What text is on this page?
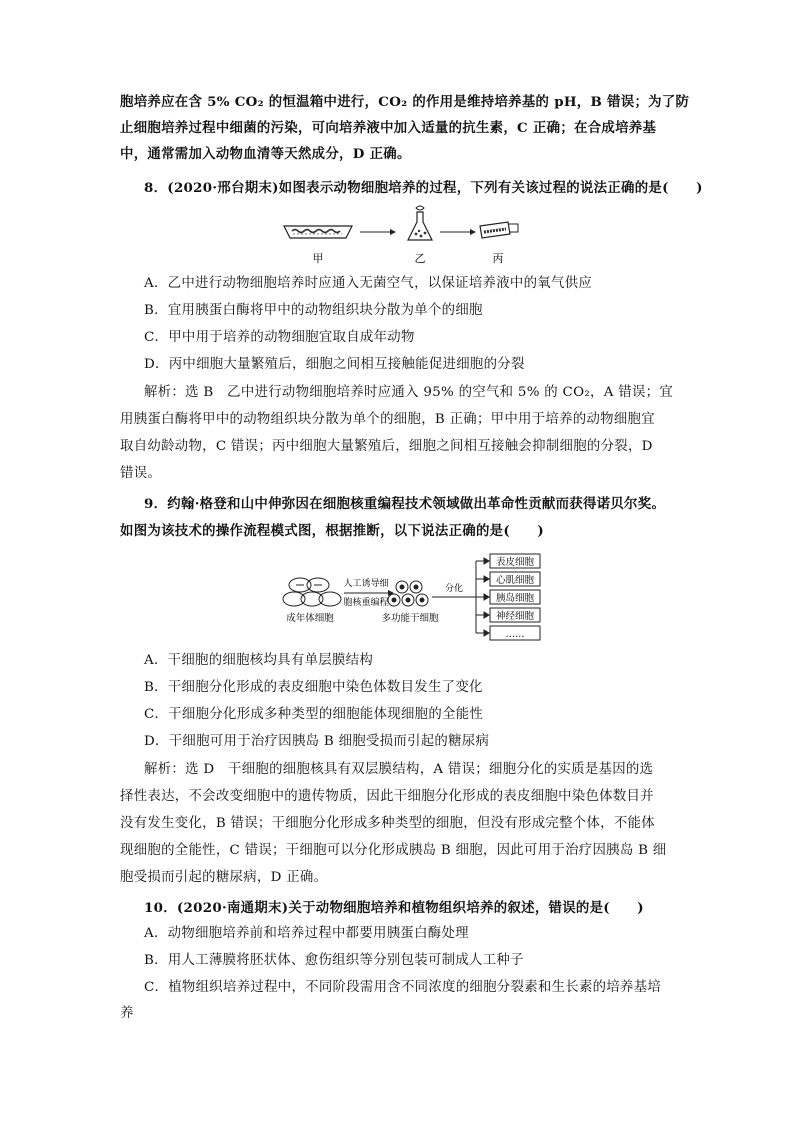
胞培养应在含 5% CO₂ 的恒温箱中进行，CO₂ 的作用是维持培养基的 pH，B 错误；为了防
止细胞培养过程中细菌的污染，可向培养液中加入适量的抗生素，C 正确；在合成培养基
中，通常需加入动物血清等天然成分，D 正确。
8．(2020·邢台期末)如图表示动物细胞培养的过程，下列有关该过程的说法正确的是(　　)
甲	乙	丙
A．乙中进行动物细胞培养时应通入无菌空气，以保证培养液中的氧气供应
B．宜用胰蛋白酶将甲中的动物组织块分散为单个的细胞
C．甲中用于培养的动物细胞宜取自成年动物
D．丙中细胞大量繁殖后，细胞之间相互接触能促进细胞的分裂
解析：选 B　乙中进行动物细胞培养时应通入 95% 的空气和 5% 的 CO₂，A 错误；宜
用胰蛋白酶将甲中的动物组织块分散为单个的细胞，B 正确；甲中用于培养的动物细胞宜
取自幼龄动物，C 错误；丙中细胞大量繁殖后，细胞之间相互接触会抑制细胞的分裂，D
错误。
9．约翰·格登和山中伸弥因在细胞核重编程技术领域做出革命性贡献而获得诺贝尔奖。
如图为该技术的操作流程模式图，根据推断，以下说法正确的是(　　)
人工诱导细
胞核重编程
分化
表皮细胞
心肌细胞
胰岛细胞
神经细胞
……
成年体细胞	多功能干细胞
A．干细胞的细胞核均具有单层膜结构
B．干细胞分化形成的表皮细胞中染色体数目发生了变化
C．干细胞分化形成多种类型的细胞能体现细胞的全能性
D．干细胞可用于治疗因胰岛 B 细胞受损而引起的糖尿病
解析：选 D　干细胞的细胞核具有双层膜结构，A 错误；细胞分化的实质是基因的选
择性表达，不会改变细胞中的遗传物质，因此干细胞分化形成的表皮细胞中染色体数目并
没有发生变化，B 错误；干细胞分化形成多种类型的细胞，但没有形成完整个体，不能体
现细胞的全能性，C 错误；干细胞可以分化形成胰岛 B 细胞，因此可用于治疗因胰岛 B 细
胞受损而引起的糖尿病，D 正确。
10．(2020·南通期末)关于动物细胞培养和植物组织培养的叙述，错误的是(　　)
A．动物细胞培养前和培养过程中都要用胰蛋白酶处理
B．用人工薄膜将胚状体、愈伤组织等分别包装可制成人工种子
C．植物组织培养过程中，不同阶段需用含不同浓度的细胞分裂素和生长素的培养基培
养
